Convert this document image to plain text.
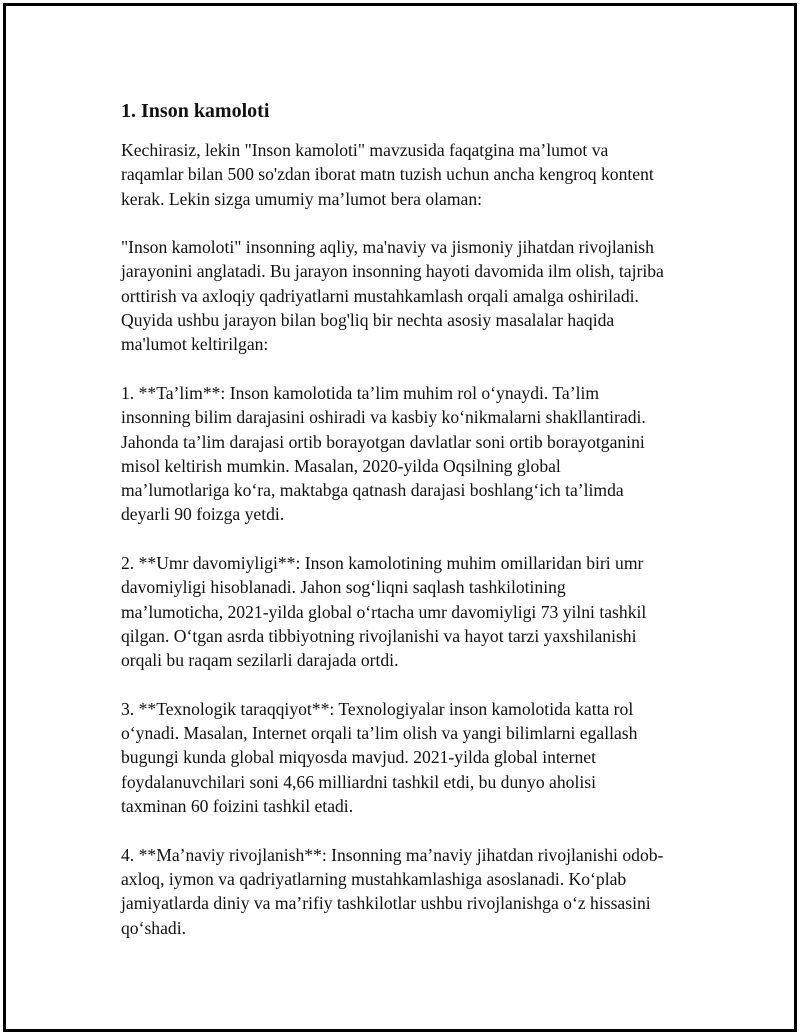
1. Inson kamoloti
Kechirasiz, lekin "Inson kamoloti" mavzusida faqatgina ma’lumot va
raqamlar bilan 500 so'zdan iborat matn tuzish uchun ancha kengroq kontent
kerak. Lekin sizga umumiy ma’lumot bera olaman:
"Inson kamoloti" insonning aqliy, ma'naviy va jismoniy jihatdan rivojlanish
jarayonini anglatadi. Bu jarayon insonning hayoti davomida ilm olish, tajriba
orttirish va axloqiy qadriyatlarni mustahkamlash orqali amalga oshiriladi.
Quyida ushbu jarayon bilan bog'liq bir nechta asosiy masalalar haqida
ma'lumot keltirilgan:
1. **Ta’lim**: Inson kamolotida ta’lim muhim rol o‘ynaydi. Ta’lim
insonning bilim darajasini oshiradi va kasbiy ko‘nikmalarni shakllantiradi.
Jahonda ta’lim darajasi ortib borayotgan davlatlar soni ortib borayotganini
misol keltirish mumkin. Masalan, 2020-yilda Oqsilning global
ma’lumotlariga ko‘ra, maktabga qatnash darajasi boshlang‘ich ta’limda
deyarli 90 foizga yetdi.
2. **Umr davomiyligi**: Inson kamolotining muhim omillaridan biri umr
davomiyligi hisoblanadi. Jahon sog‘liqni saqlash tashkilotining
ma’lumoticha, 2021-yilda global o‘rtacha umr davomiyligi 73 yilni tashkil
qilgan. O‘tgan asrda tibbiyotning rivojlanishi va hayot tarzi yaxshilanishi
orqali bu raqam sezilarli darajada ortdi.
3. **Texnologik taraqqiyot**: Texnologiyalar inson kamolotida katta rol
o‘ynadi. Masalan, Internet orqali ta’lim olish va yangi bilimlarni egallash
bugungi kunda global miqyosda mavjud. 2021-yilda global internet
foydalanuvchilari soni 4,66 milliardni tashkil etdi, bu dunyo aholisi
taxminan 60 foizini tashkil etadi.
4. **Ma’naviy rivojlanish**: Insonning ma’naviy jihatdan rivojlanishi odob-
axloq, iymon va qadriyatlarning mustahkamlashiga asoslanadi. Ko‘plab
jamiyatlarda diniy va ma’rifiy tashkilotlar ushbu rivojlanishga o‘z hissasini
qo‘shadi.
